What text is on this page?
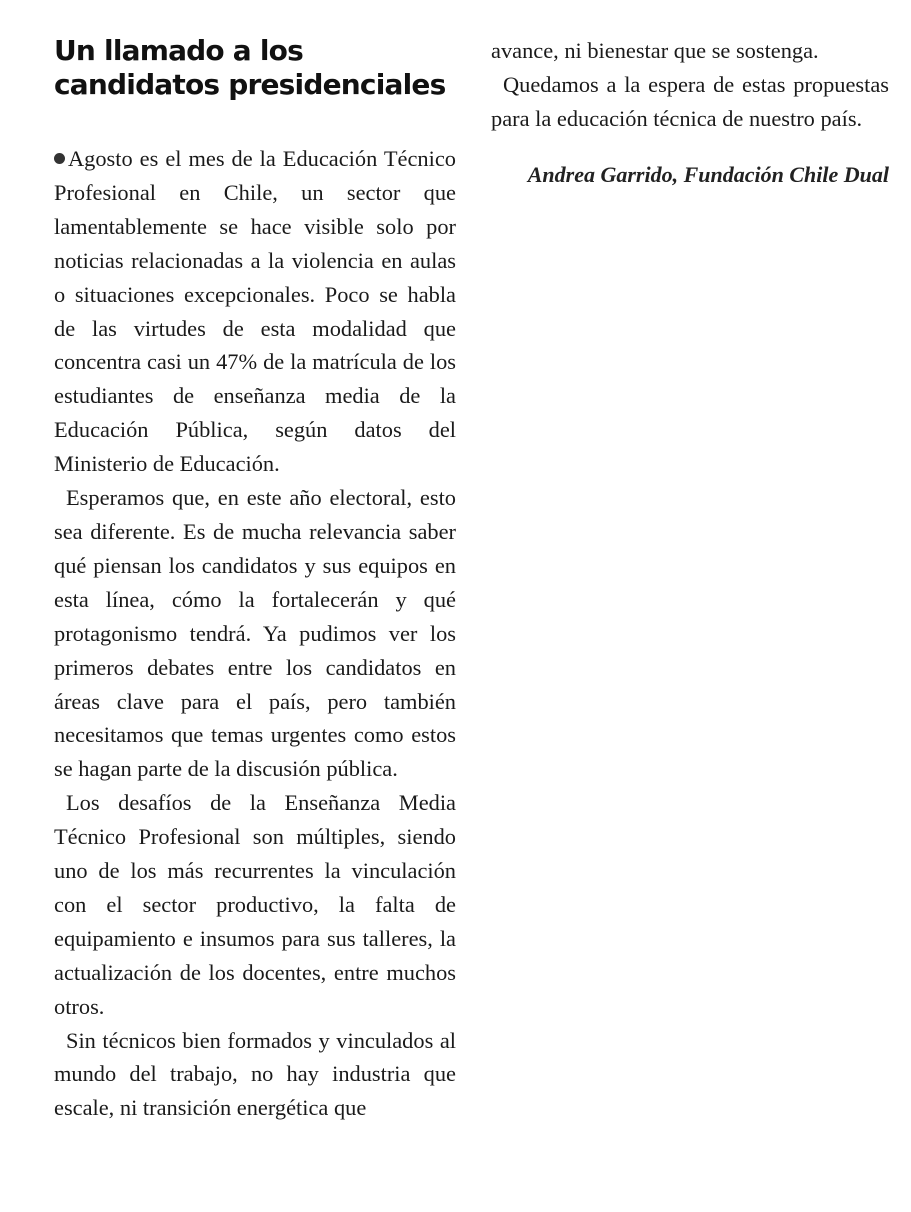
Un llamado a los candidatos presidenciales

Agosto es el mes de la Educación Técnico Profesional en Chile, un sector que lamentablemente se hace visible solo por noticias relacionadas a la violencia en aulas o situaciones excepcionales. Poco se habla de las virtudes de esta modalidad que concentra casi un 47% de la matrícula de los estudiantes de enseñanza media de la Educación Pública, según datos del Ministerio de Educación.

Esperamos que, en este año electoral, esto sea diferente. Es de mucha relevancia saber qué piensan los candidatos y sus equipos en esta línea, cómo la fortalecerán y qué protagonismo tendrá. Ya pudimos ver los primeros debates entre los candidatos en áreas clave para el país, pero también necesitamos que temas urgentes como estos se hagan parte de la discusión pública.

Los desafíos de la Enseñanza Media Técnico Profesional son múltiples, siendo uno de los más recurrentes la vinculación con el sector productivo, la falta de equipamiento e insumos para sus talleres, la actualización de los docentes, entre muchos otros.

Sin técnicos bien formados y vinculados al mundo del trabajo, no hay industria que escale, ni transición energética que

avance, ni bienestar que se sostenga.

Quedamos a la espera de estas propuestas para la educación técnica de nuestro país.

Andrea Garrido, Fundación Chile Dual
